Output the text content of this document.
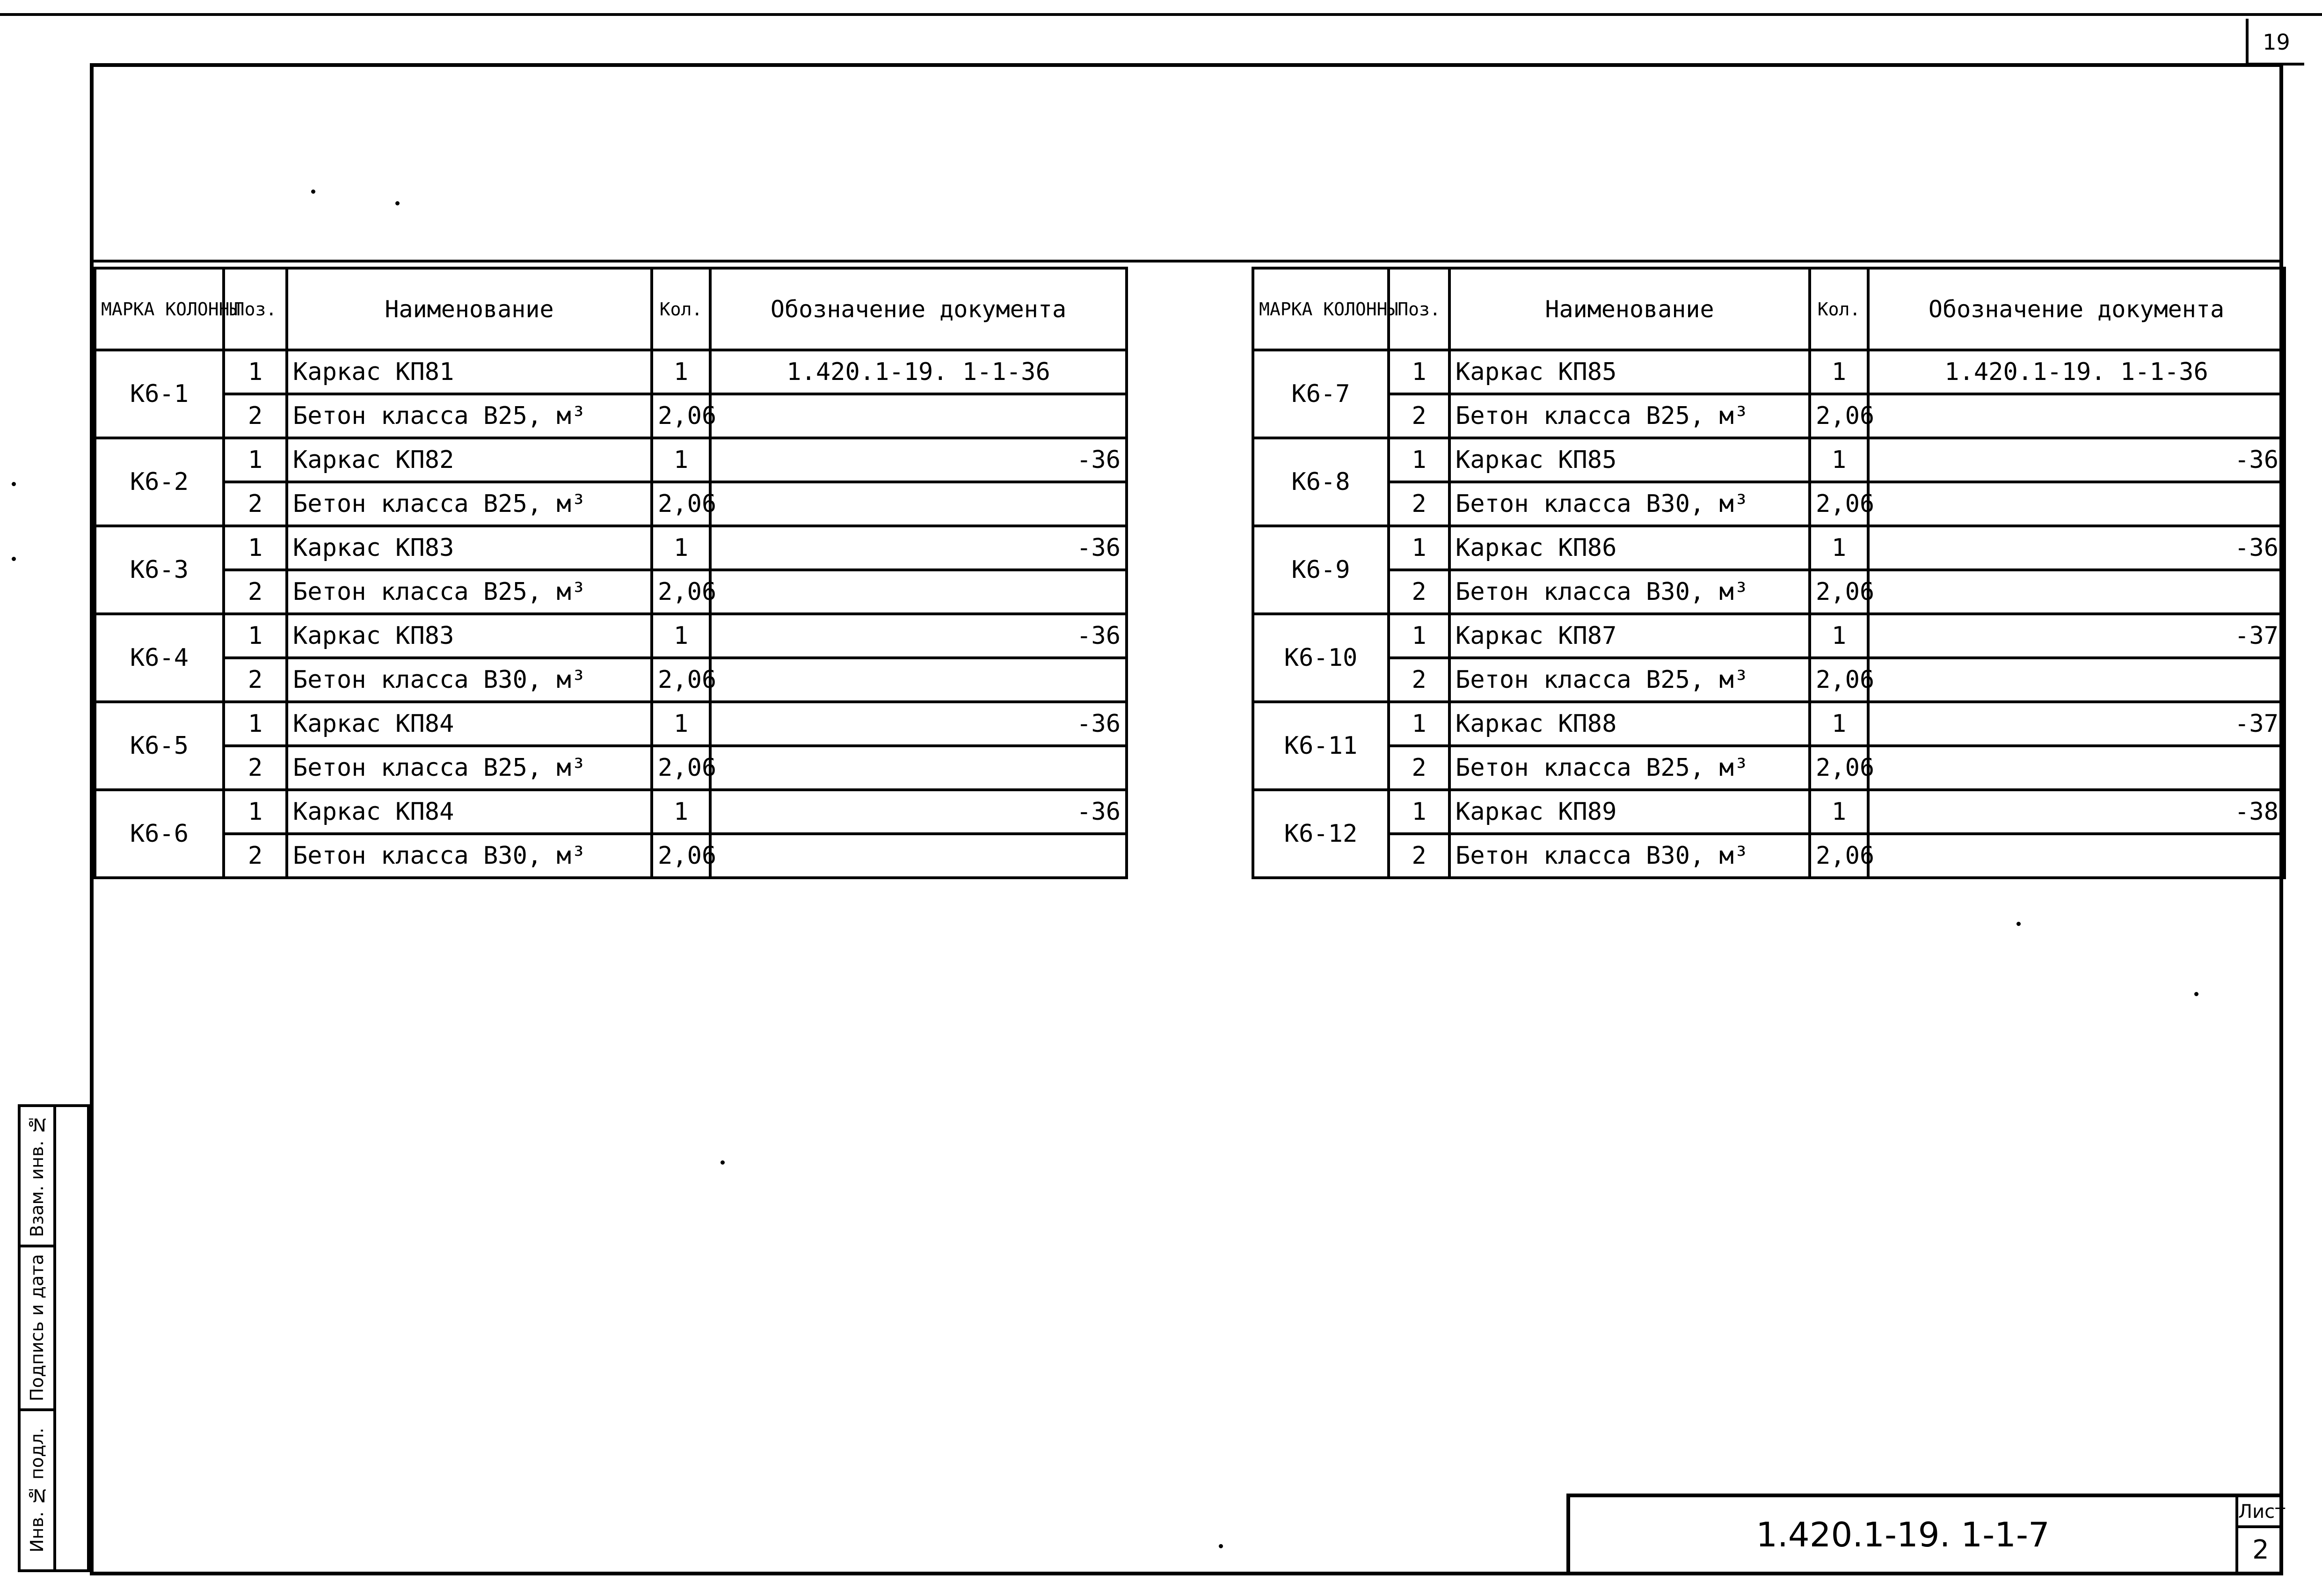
19
МАРКА КОЛОННЫ	Поз.	Наименование	Кол.	Обозначение документа
К6-1	1	Каркас КП81	1	1.420.1-19. 1-1-36
	2	Бетон класса В25, м³	2,06	
К6-2	1	Каркас КП82	1	-36
	2	Бетон класса В25, м³	2,06	
К6-3	1	Каркас КП83	1	-36
	2	Бетон класса В25, м³	2,06	
К6-4	1	Каркас КП83	1	-36
	2	Бетон класса В30, м³	2,06	
К6-5	1	Каркас КП84	1	-36
	2	Бетон класса В25, м³	2,06	
К6-6	1	Каркас КП84	1	-36
	2	Бетон класса В30, м³	2,06	
МАРКА КОЛОННЫ	Поз.	Наименование	Кол.	Обозначение документа
К6-7	1	Каркас КП85	1	1.420.1-19. 1-1-36
	2	Бетон класса В25, м³	2,06	
К6-8	1	Каркас КП85	1	-36
	2	Бетон класса В30, м³	2,06	
К6-9	1	Каркас КП86	1	-36
	2	Бетон класса В30, м³	2,06	
К6-10	1	Каркас КП87	1	-37
	2	Бетон класса В25, м³	2,06	
К6-11	1	Каркас КП88	1	-37
	2	Бетон класса В25, м³	2,06	
К6-12	1	Каркас КП89	1	-38
	2	Бетон класса В30, м³	2,06	
Взам. инв. №
Подпись и дата
Инв. № подл.	1.420.1-19. 1-1-7
Лист
2
